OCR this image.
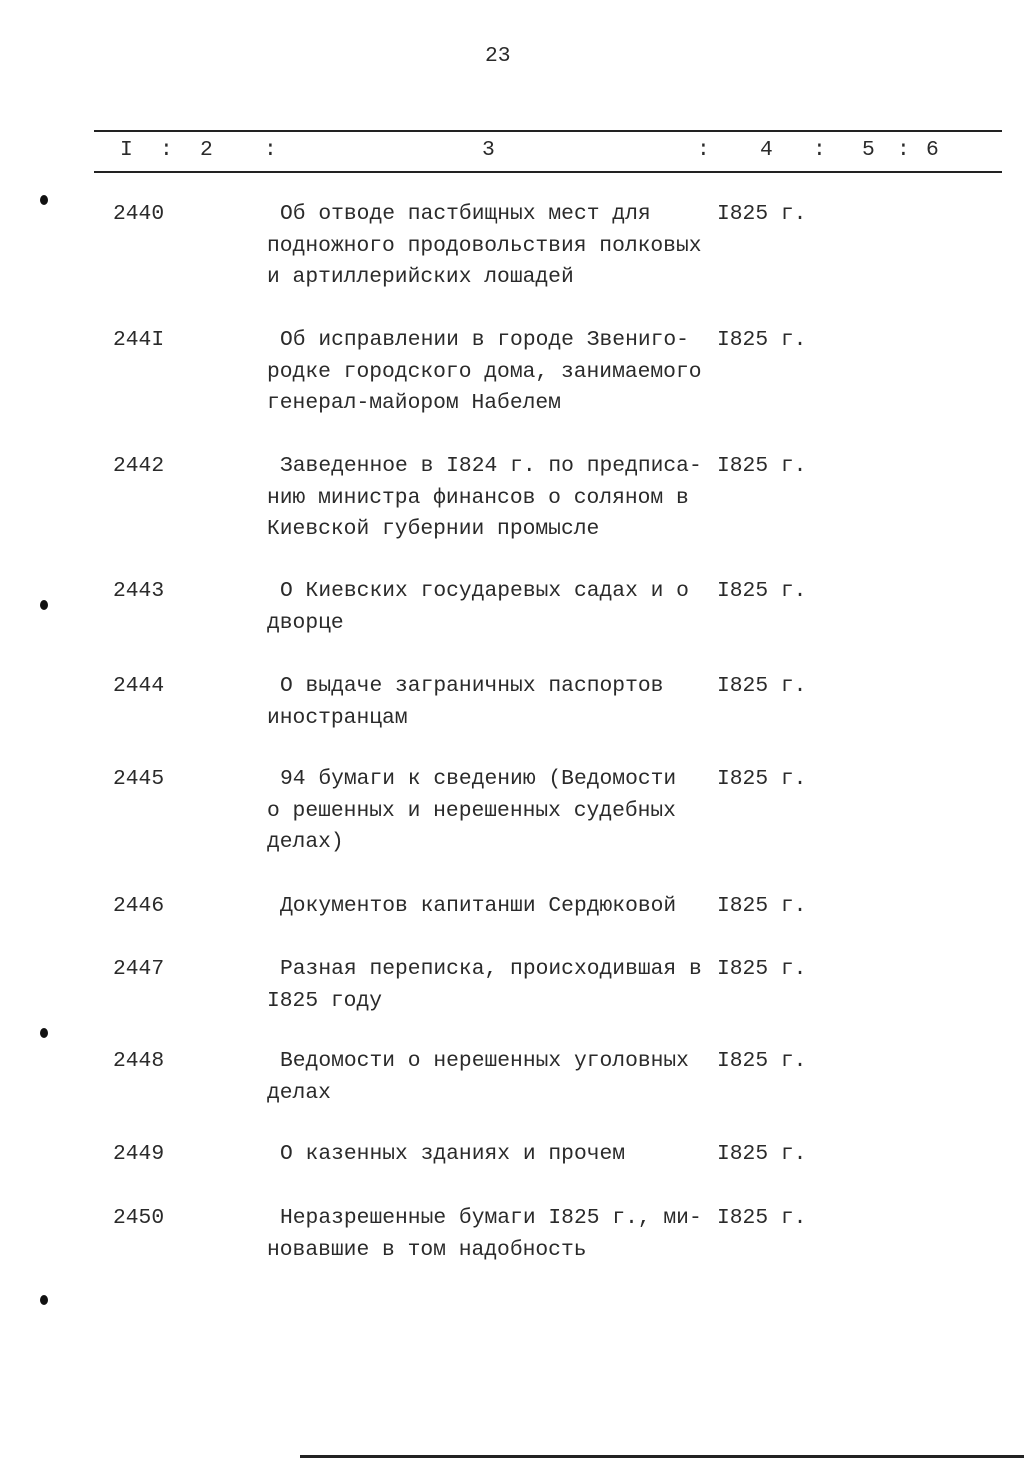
23
I : 2 :	3	: 4 : 5 : 6
2440	Об отводе пастбищных мест для
подножного продовольствия полковых
и артиллерийских лошадей
I825 г.
244I	Об исправлении в городе Звениго-
родке городского дома, занимаемого
генерал-майором Набелем
I825 г.
2442	Заведенное в I824 г. по предписа-
нию министра финансов о соляном в
Киевской губернии промысле
I825 г.
2443	О Киевских государевых садах и о
дворце
I825 г.
2444	О выдаче заграничных паспортов
иностранцам
I825 г.
2445	94 бумаги к сведению (Ведомости
о решенных и нерешенных судебных
делах)
I825 г.
2446	Документов капитанши Сердюковой	I825 г.
2447	Разная переписка, происходившая в
I825 году
I825 г.
2448	Ведомости о нерешенных уголовных
делах
I825 г.
2449	О казенных зданиях и прочем	I825 г.
2450	Неразрешенные бумаги I825 г., ми-
новавшие в том надобность
I825 г.
